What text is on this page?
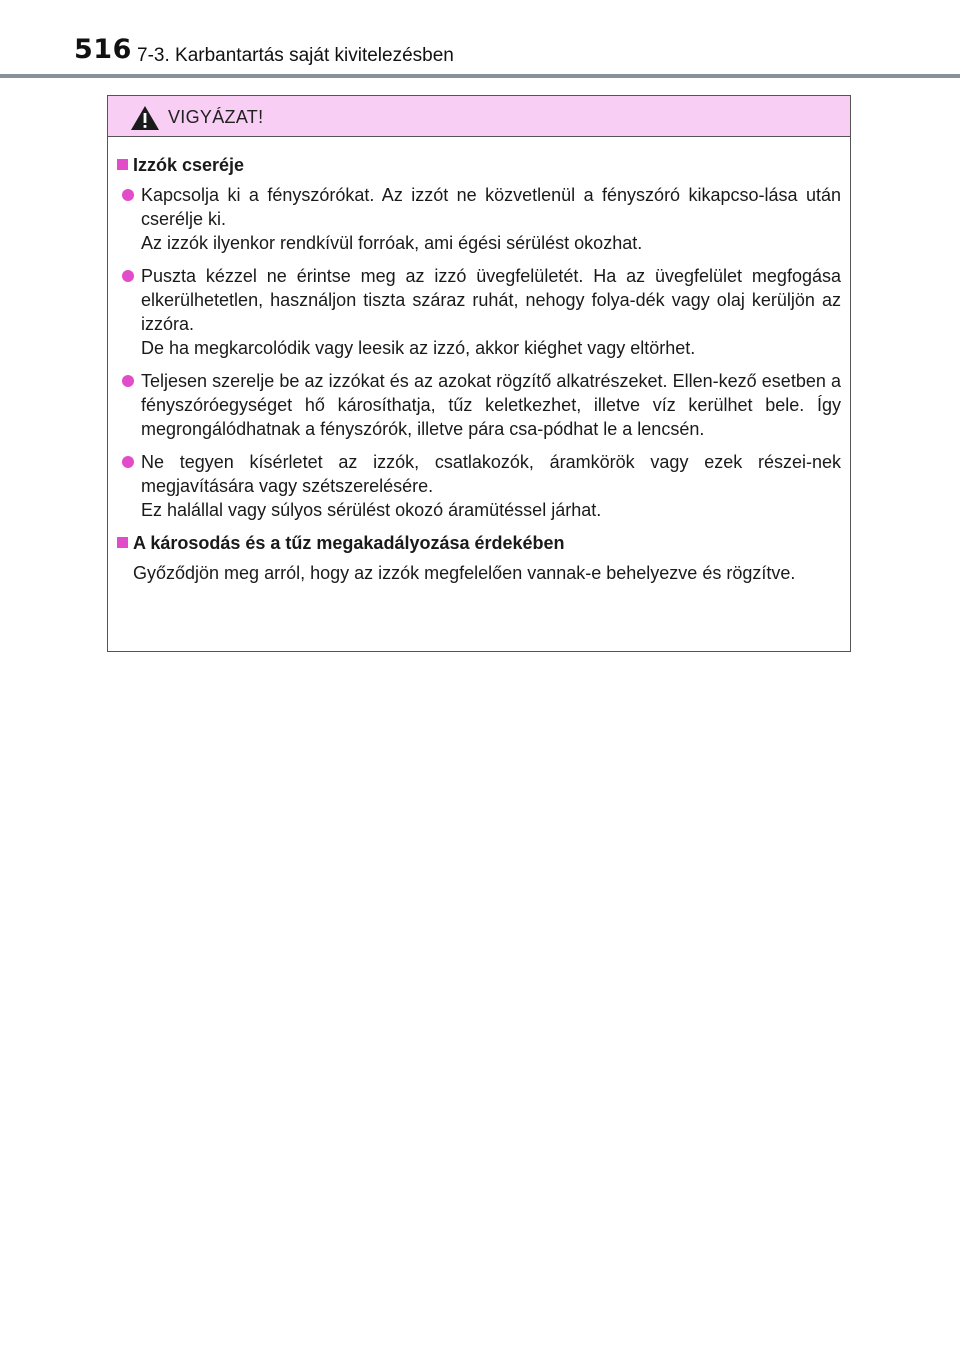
516 7-3. Karbantartás saját kivitelezésben
VIGYÁZAT!
Izzók cseréje

Kapcsolja ki a fényszórókat. Az izzót ne közvetlenül a fényszóró kikapcso-lása után cserélje ki.

Az izzók ilyenkor rendkívül forróak, ami égési sérülést okozhat.

Puszta kézzel ne érintse meg az izzó üvegfelületét. Ha az üvegfelület megfogása elkerülhetetlen, használjon tiszta száraz ruhát, nehogy folya-dék vagy olaj kerüljön az izzóra.

De ha megkarcolódik vagy leesik az izzó, akkor kiéghet vagy eltörhet.

Teljesen szerelje be az izzókat és az azokat rögzítő alkatrészeket. Ellen-kező esetben a fényszóróegységet hő károsíthatja, tűz keletkezhet, illetve víz kerülhet bele. Így megrongálódhatnak a fényszórók, illetve pára csa-pódhat le a lencsén.

Ne tegyen kísérletet az izzók, csatlakozók, áramkörök vagy ezek részei-nek megjavítására vagy szétszerelésére.

Ez halállal vagy súlyos sérülést okozó áramütéssel járhat.

A károsodás és a tűz megakadályozása érdekében

Győződjön meg arról, hogy az izzók megfelelően vannak-e behelyezve és rögzítve.
